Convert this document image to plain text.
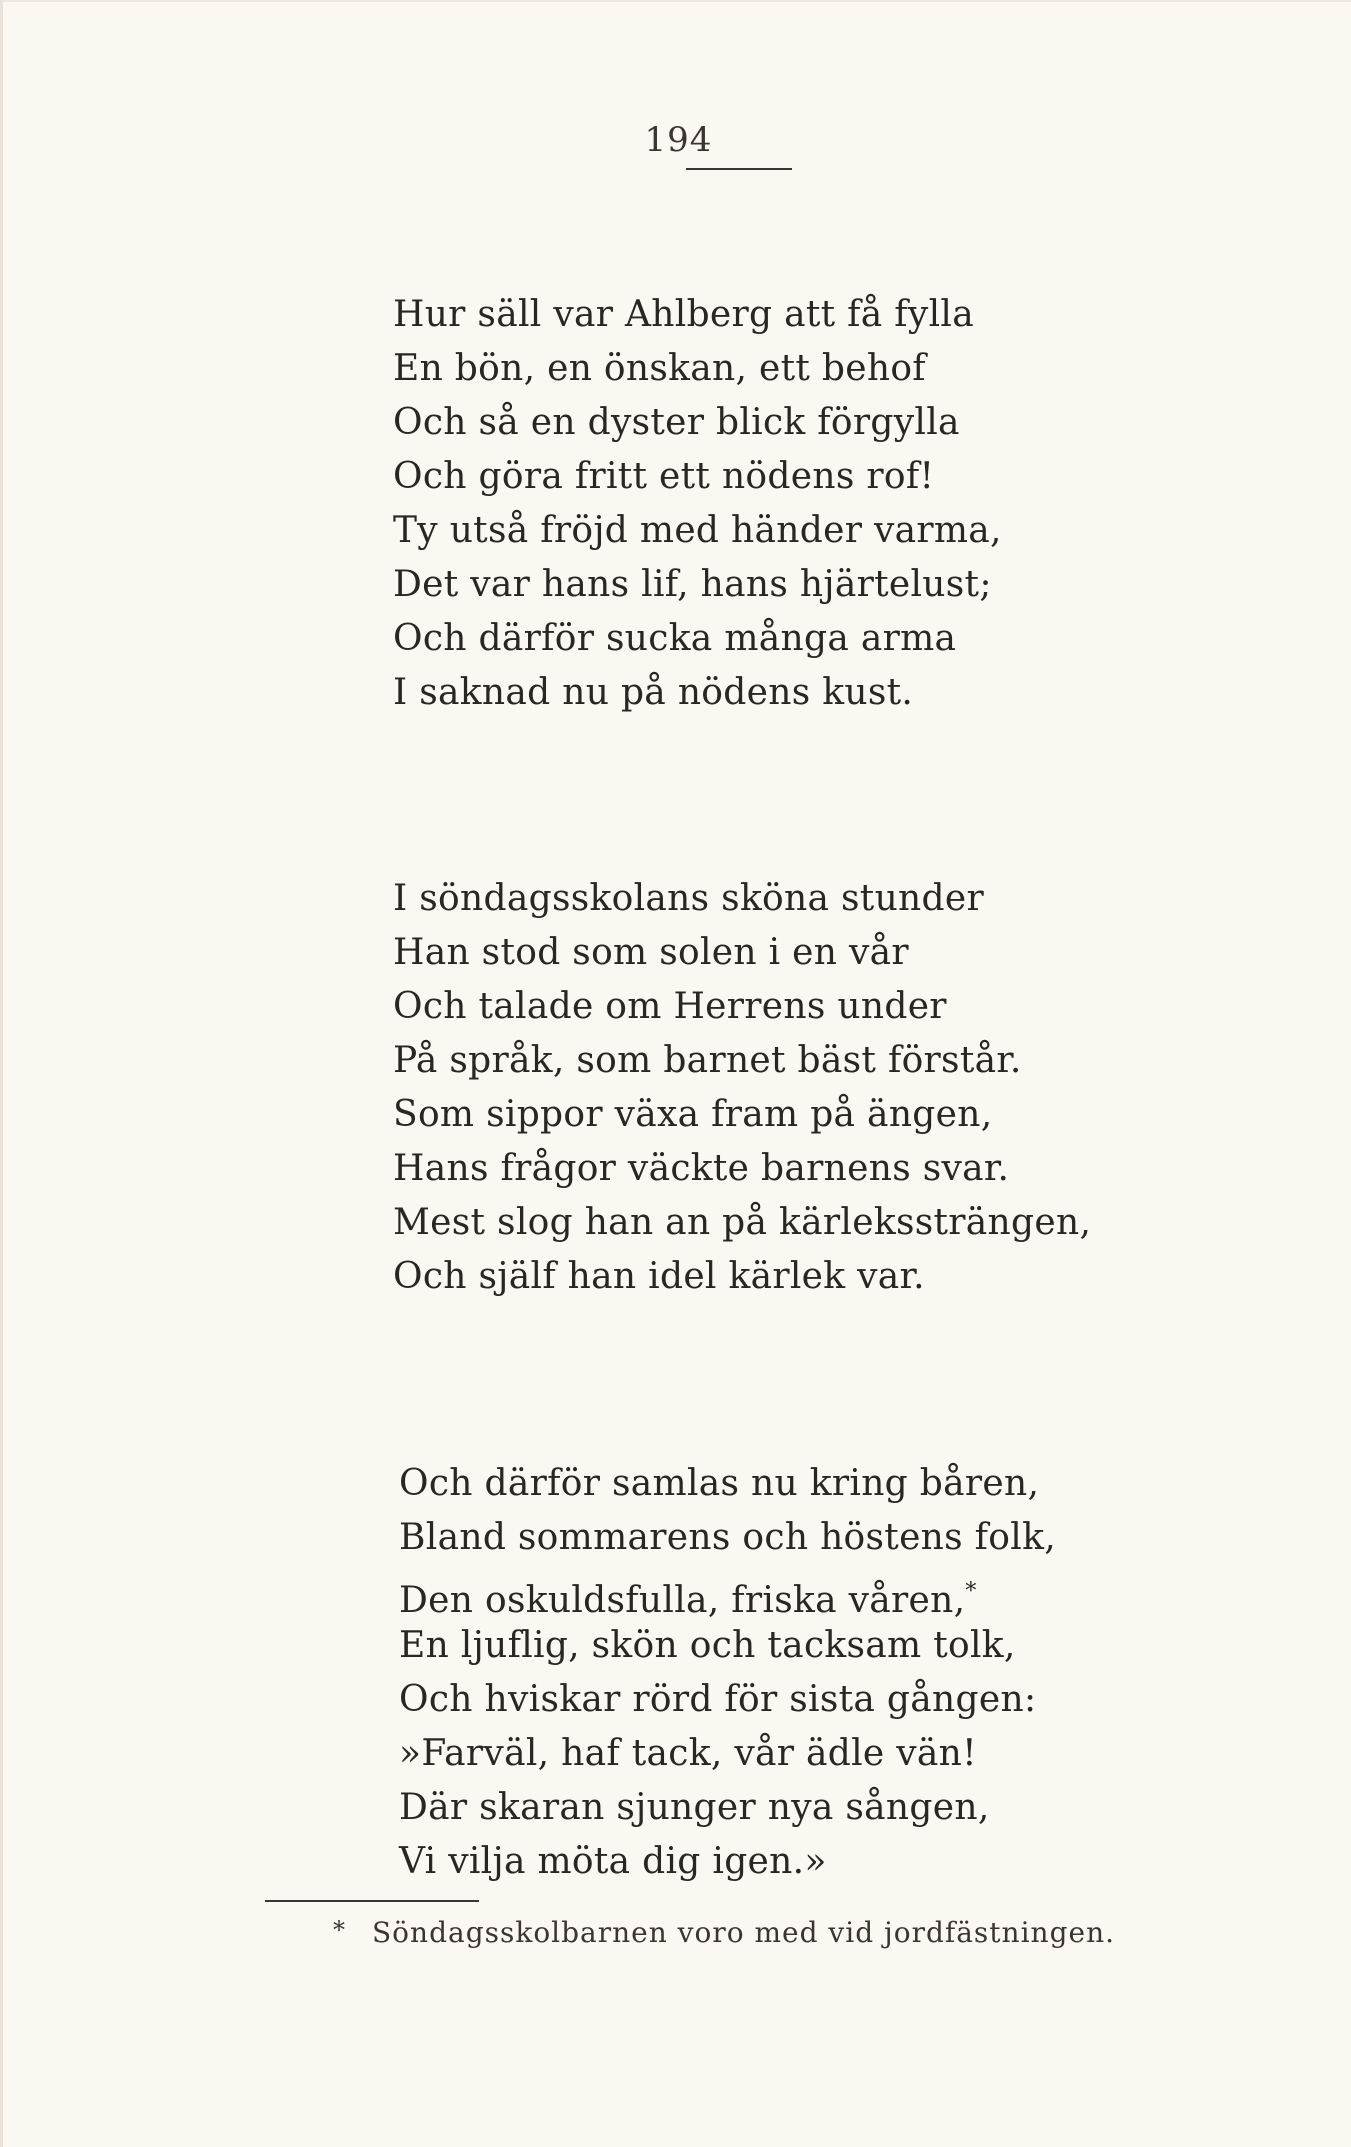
194
Hur säll var Ahlberg att få fylla
En bön, en önskan, ett behof
Och så en dyster blick förgylla
Och göra fritt ett nödens rof!
Ty utså fröjd med händer varma,
Det var hans lif, hans hjärtelust;
Och därför sucka många arma
I saknad nu på nödens kust.
I söndagsskolans sköna stunder
Han stod som solen i en vår
Och talade om Herrens under
På språk, som barnet bäst förstår.
Som sippor växa fram på ängen,
Hans frågor väckte barnens svar.
Mest slog han an på kärlekssträngen,
Och själf han idel kärlek var.
Och därför samlas nu kring båren,
Bland sommarens och höstens folk,
Den oskuldsfulla, friska våren,*
En ljuflig, skön och tacksam tolk,
Och hviskar rörd för sista gången:
»Farväl, haf tack, vår ädle vän!
Där skaran sjunger nya sången,
Vi vilja möta dig igen.»
* Söndagsskolbarnen voro med vid jordfästningen.
